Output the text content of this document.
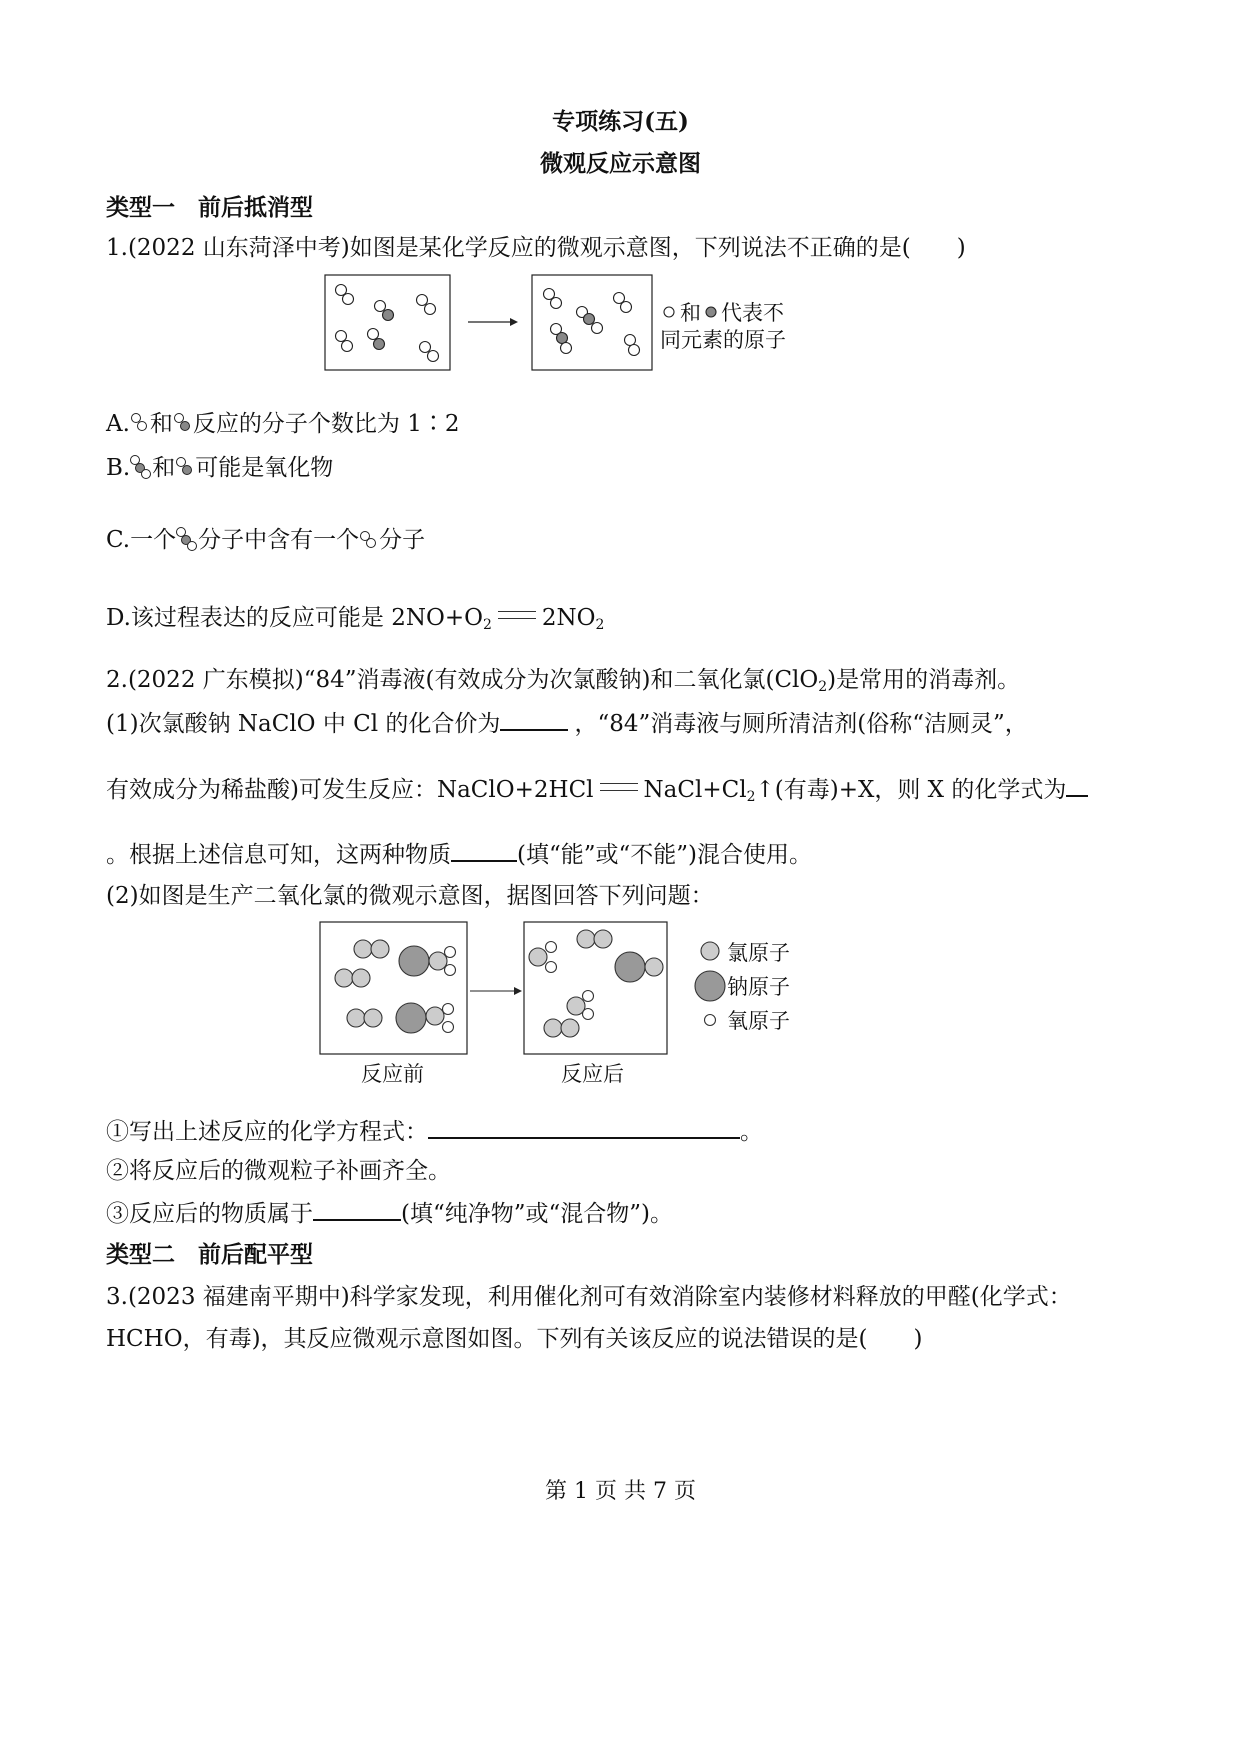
专项练习(五)
微观反应示意图
类型一　前后抵消型
1.(2022 山东菏泽中考)如图是某化学反应的微观示意图，下列说法不正确的是(　　)
和 代表不
同元素的原子
A. 和 反应的分子个数比为 1∶2
B. 和 可能是氧化物
C.一个 分子中含有一个 分子
D.该过程表达的反应可能是 $2NO+O_2$ $2NO_2$
2.(2022 广东模拟)“84”消毒液(有效成分为次氯酸钠)和二氧化氯(ClO$_2$)是常用的消毒剂。
(1)次氯酸钠 NaClO 中 Cl 的化合价为	，“84”消毒液与厕所清洁剂(俗称“洁厕灵”，
有效成分为稀盐酸)可发生反应：NaClO+2HCl $NaCl+Cl_2↑$(有毒)+X，则 X 的化学式为
。根据上述信息可知，这两种物质	(填“能”或“不能”)混合使用。
(2)如图是生产二氧化氯的微观示意图，据图回答下列问题：
氯原子
钠原子
氧原子
反应前	反应后
①写出上述反应的化学方程式：	。
②将反应后的微观粒子补画齐全。
③反应后的物质属于	(填“纯净物”或“混合物”)。
类型二　前后配平型
3.(2023 福建南平期中)科学家发现，利用催化剂可有效消除室内装修材料释放的甲醛(化学式：
HCHO，有毒)，其反应微观示意图如图。下列有关该反应的说法错误的是(　　)
第 1 页 共 7 页
